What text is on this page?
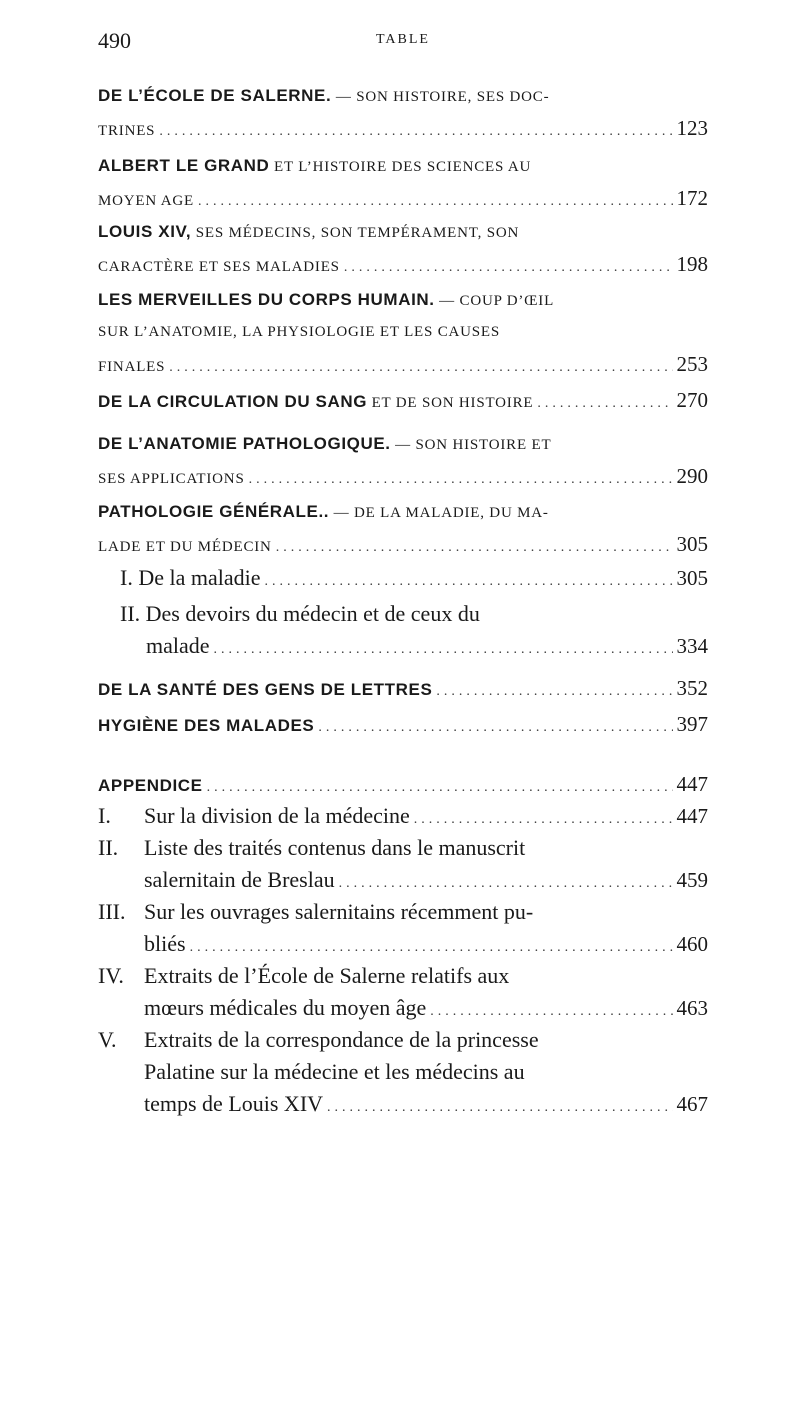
490	TABLE
DE L’ÉCOLE DE SALERNE. — SON HISTOIRE, SES DOC-
TRINES .....	123
ALBERT LE GRAND ET L’HISTOIRE DES SCIENCES AU
MOYEN AGE .....	172
LOUIS XIV, SES MÉDECINS, SON TEMPÉRAMENT, SON
CARACTÈRE ET SES MALADIES .....	198
LES MERVEILLES DU CORPS HUMAIN. — COUP D’ŒIL
SUR L’ANATOMIE, LA PHYSIOLOGIE ET LES CAUSES
FINALES .....	253
DE LA CIRCULATION DU SANG ET DE SON HISTOIRE .....	270
DE L’ANATOMIE PATHOLOGIQUE. — SON HISTOIRE ET
SES APPLICATIONS .....	290
PATHOLOGIE GÉNÉRALE.. — DE LA MALADIE, DU MA-
LADE ET DU MÉDECIN .....	305
I. De la maladie .....	305
II. Des devoirs du médecin et de ceux du
malade .....	334
DE LA SANTÉ DES GENS DE LETTRES .....	352
HYGIÈNE DES MALADES .....	397
APPENDICE .....	447
I. Sur la division de la médecine .....	447
II. Liste des traités contenus dans le manuscrit
salernitain de Breslau .....	459
III. Sur les ouvrages salernitains récemment pu-
bliés .....	460
IV. Extraits de l’École de Salerne relatifs aux
mœurs médicales du moyen âge .....	463
V. Extraits de la correspondance de la princesse
Palatine sur la médecine et les médecins au
temps de Louis XIV .....	467
